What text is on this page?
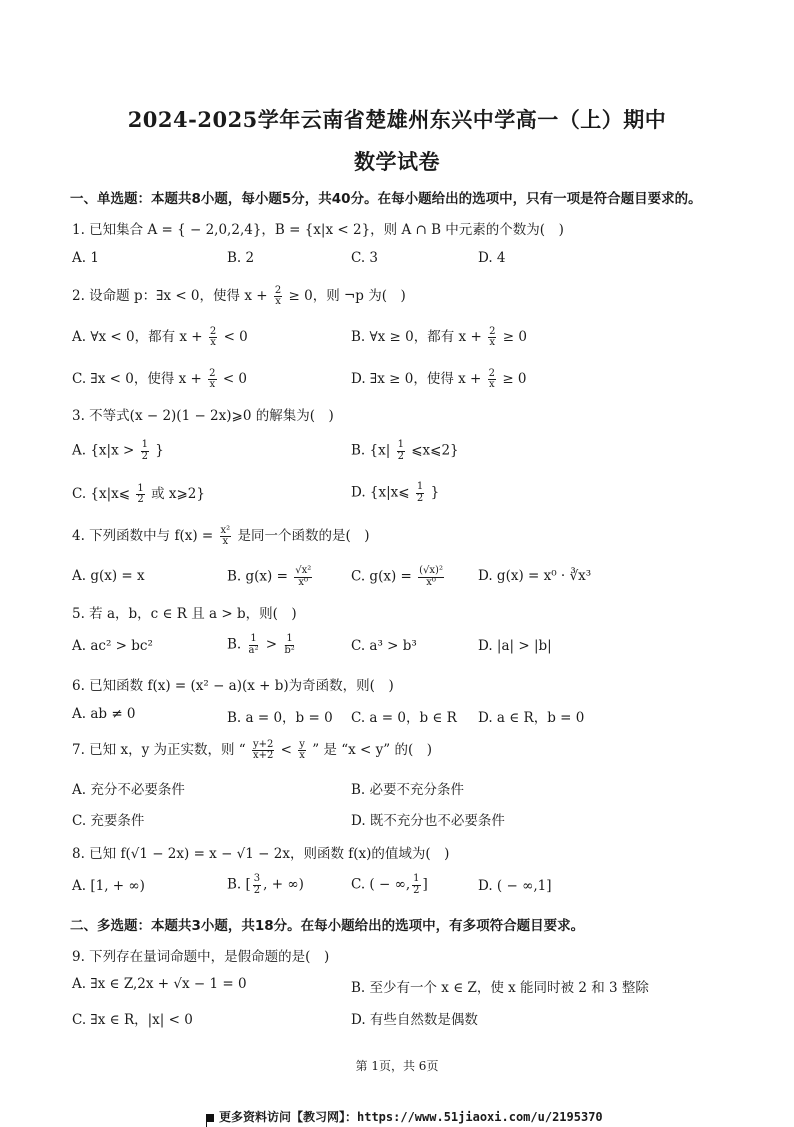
2024-2025学年云南省楚雄州东兴中学高一（上）期中
数学试卷
一、单选题：本题共8小题，每小题5分，共40分。在每小题给出的选项中，只有一项是符合题目要求的。
1. 已知集合 A = { − 2,0,2,4}，B = {x|x < 2}，则 A ∩ B 中元素的个数为(　)
A. 1	B. 2	C. 3	D. 4
2. 设命题 p：∃x < 0，使得 $x + \frac{2}{x} \ge 0$，则 ¬p 为(　)
A. ∀x < 0，都有 $x + \frac{2}{x} < 0$	B. ∀x ≥ 0，都有 $x + \frac{2}{x} \ge 0$
C. ∃x < 0，使得 $x + \frac{2}{x} < 0$	D. ∃x ≥ 0，使得 $x + \frac{2}{x} \ge 0$
3. 不等式(x − 2)(1 − 2x)⩾0 的解集为(　)
A. {$x|x > \frac{1}{2}$ }	B. {$x| \frac{1}{2}$ ⩽x⩽2}
C. {x|x⩽ $\frac{1}{2}$ 或 x⩾2}	D. {x|x⩽ $\frac{1}{2}$ }
4. 下列函数中与 $f(x) = \frac{\text{x²}}{x}$ 是同一个函数的是(　)
A. g(x) = x	B. $g(x) = \frac{\text{√x²}}{\text{x⁰}}$	C. $g(x) = \frac{\text{(√x)²}}{\text{x⁰}}$	D. g(x) = x⁰ · ∛x³
5. 若 a，b，c ∈ R 且 a > b，则(　)
A. ac² > bc²	B. $\frac{1}{\text{a²}} > \frac{1}{\text{b²}}$	C. a³ > b³	D. |a| > |b|
6. 已知函数 f(x) = (x² − a)(x + b)为奇函数，则(　)
A. ab ≠ 0	B. a = 0，b = 0 C. a = 0，b ∈ R D. a ∈ R，b = 0
7. 已知 x，y 为正实数，则 “ $\frac{y+2}{x+2} < \frac{y}{x}$ ” 是 “x < y” 的(　)
A. 充分不必要条件	B. 必要不充分条件
C. 充要条件	D. 既不充分也不必要条件
8. 已知 f(√1 − 2x) = x − √1 − 2x，则函数 f(x)的值域为(　)
A. [1, + ∞)	B. [ $\frac{3}{2}$ , + ∞)	C. ( − ∞, $\frac{1}{2}$ ]	D. ( − ∞,1]
二、多选题：本题共3小题，共18分。在每小题给出的选项中，有多项符合题目要求。
9. 下列存在量词命题中，是假命题的是(　)
A. ∃x ∈ Z,2x + √x − 1 = 0	B. 至少有一个 x ∈ Z，使 x 能同时被 2 和 3 整除
C. ∃x ∈ R，|x| < 0	D. 有些自然数是偶数
第 1页，共 6页
更多资料访问【教习网】：https://www.51jiaoxi.com/u/2195370
